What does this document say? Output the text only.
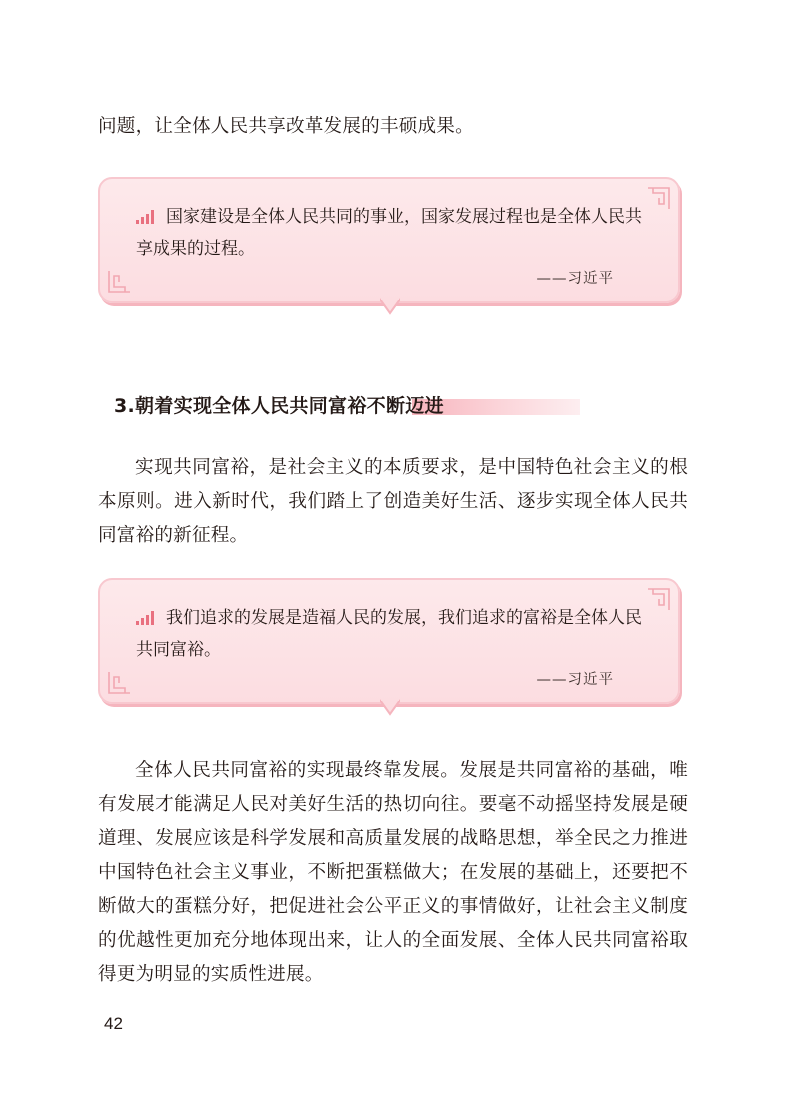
问题，让全体人民共享改革发展的丰硕成果。

国家建设是全体人民共同的事业，国家发展过程也是全体人民共享成果的过程。

——习近平
3.朝着实现全体人民共同富裕不断迈进

实现共同富裕，是社会主义的本质要求，是中国特色社会主义的根本原则。进入新时代，我们踏上了创造美好生活、逐步实现全体人民共同富裕的新征程。

我们追求的发展是造福人民的发展，我们追求的富裕是全体人民共同富裕。

——习近平

全体人民共同富裕的实现最终靠发展。发展是共同富裕的基础，唯有发展才能满足人民对美好生活的热切向往。要毫不动摇坚持发展是硬道理、发展应该是科学发展和高质量发展的战略思想，举全民之力推进中国特色社会主义事业，不断把蛋糕做大；在发展的基础上，还要把不断做大的蛋糕分好，把促进社会公平正义的事情做好，让社会主义制度的优越性更加充分地体现出来，让人的全面发展、全体人民共同富裕取得更为明显的实质性进展。

42
